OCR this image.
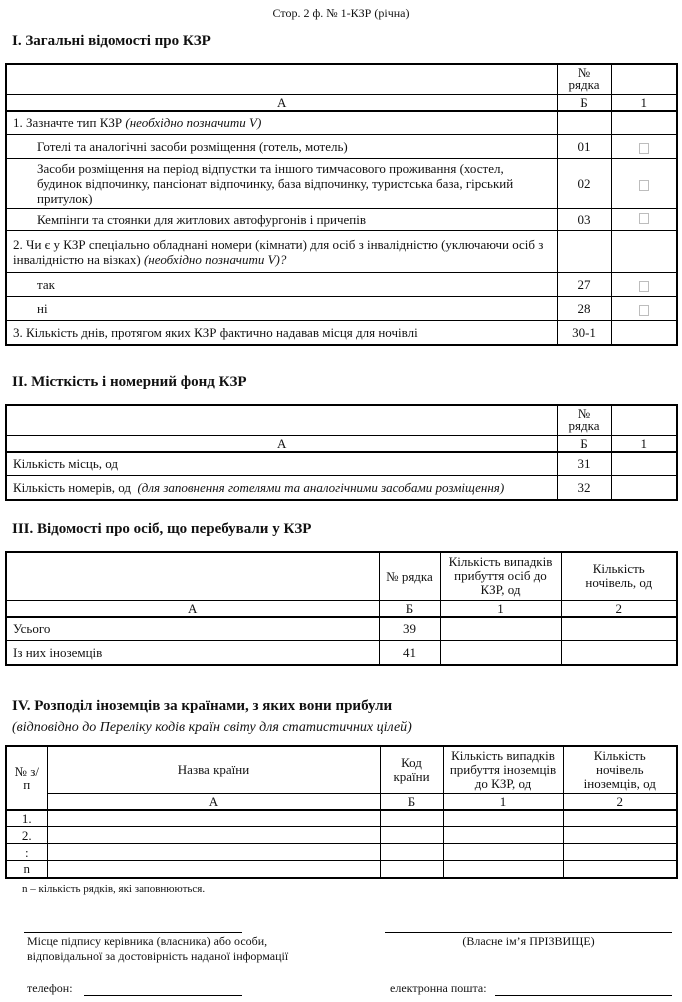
Стор. 2 ф. № 1-КЗР (річна)
І. Загальні відомості про КЗР
	№ рядка	
А	Б	1
1. Зазначте тип КЗР (необхідно позначити V)		
Готелі та аналогічні засоби розміщення (готель, мотель)	01	
Засоби розміщення на період відпустки та іншого тимчасового проживання (хостел, будинок відпочинку, пансіонат відпочинку, база відпочинку, туристська база, гірський притулок)	02	
Кемпінги та стоянки для житлових автофургонів і причепів	03	
2. Чи є у КЗР спеціально обладнані номери (кімнати) для осіб з інвалідністю (уключаючи осіб з інвалідністю на візках) (необхідно позначити V)?		
так	27	
ні	28	
3. Кількість днів, протягом яких КЗР фактично надавав місця для ночівлі	30-1	
ІІ. Місткість і номерний фонд КЗР
	№ рядка	
А	Б	1
Кількість місць, од	31	
Кількість номерів, од (для заповнення готелями та аналогічними засобами розміщення)	32	
ІІІ. Відомості про осіб, що перебували у КЗР
	№ рядка	Кількість випадків прибуття осіб до КЗР, од	Кількість ночівель, од
А	Б	1	2
Усього	39		
Із них іноземців	41		
ІV. Розподіл іноземців за країнами, з яких вони прибули
(відповідно до Переліку кодів країн світу для статистичних цілей)
№ з/п	Назва країни	Код країни	Кількість випадків прибуття іноземців до КЗР, од	Кількість ночівель іноземців, од
	А	Б	1	2
1.				
2.				
:				
n				
n – кількість рядків, які заповнюються.
Місце підпису керівника (власника) або особи,
відповідальної за достовірність наданої інформації
(Власне ім’я ПРІЗВИЩЕ)
телефон:	електронна пошта:
